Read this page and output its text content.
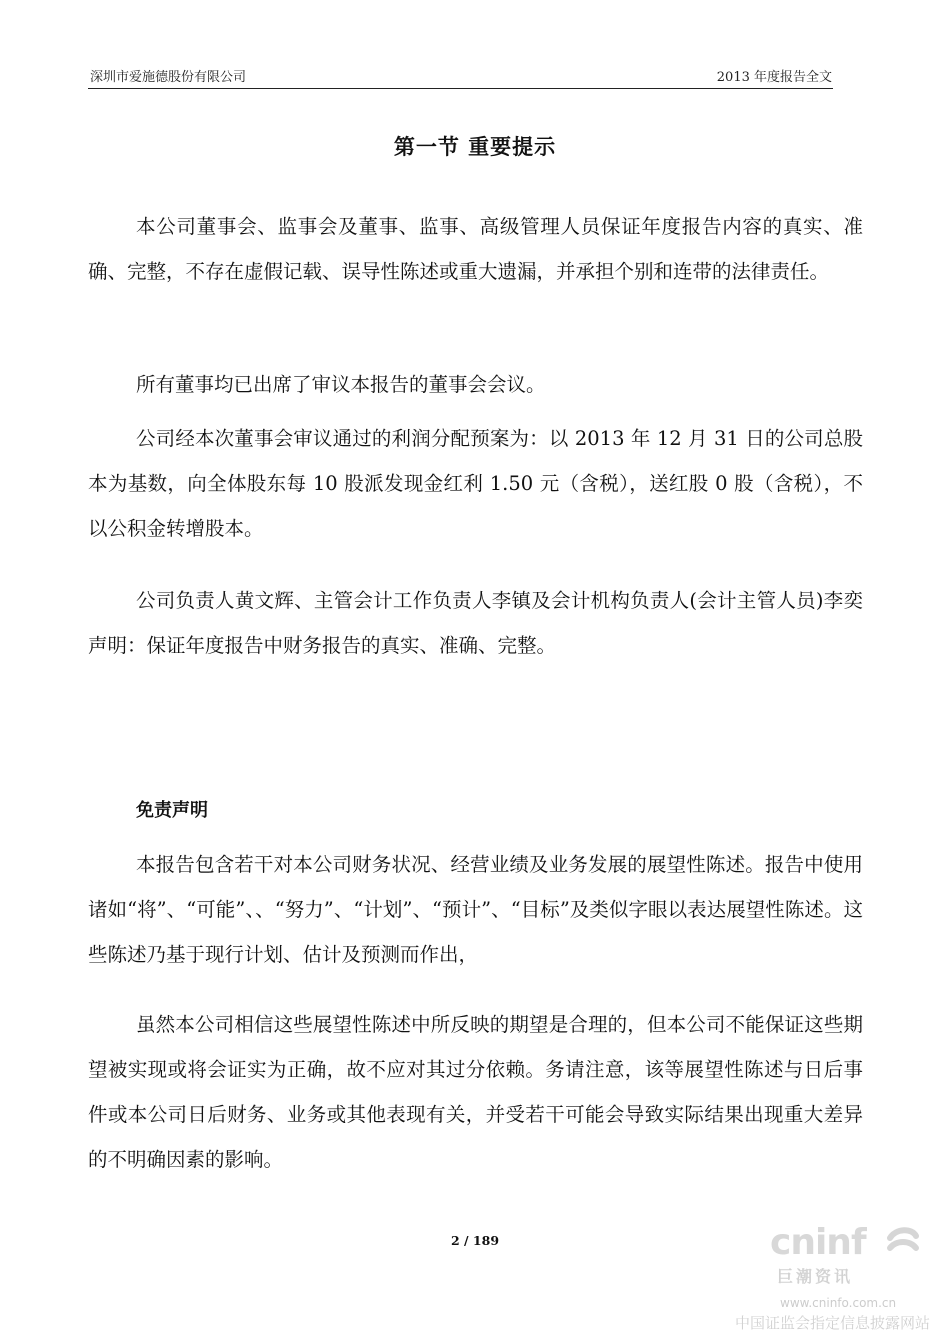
深圳市爱施德股份有限公司	2013 年度报告全文
第一节 重要提示

本公司董事会、监事会及董事、监事、高级管理人员保证年度报告内容的真实、准确、完整，不存在虚假记载、误导性陈述或重大遗漏，并承担个别和连带的法律责任。

所有董事均已出席了审议本报告的董事会会议。

公司经本次董事会审议通过的利润分配预案为：以 2013 年 12 月 31 日的公司总股本为基数，向全体股东每 10 股派发现金红利 1.50 元（含税），送红股 0 股（含税），不以公积金转增股本。

公司负责人黄文辉、主管会计工作负责人李镇及会计机构负责人(会计主管人员)李奕声明：保证年度报告中财务报告的真实、准确、完整。

免责声明

本报告包含若干对本公司财务状况、经营业绩及业务发展的展望性陈述。报告中使用诸如“将”、“可能”、、“努力”、“计划”、“预计”、“目标”及类似字眼以表达展望性陈述。这些陈述乃基于现行计划、估计及预测而作出，

虽然本公司相信这些展望性陈述中所反映的期望是合理的，但本公司不能保证这些期望被实现或将会证实为正确，故不应对其过分依赖。务请注意，该等展望性陈述与日后事件或本公司日后财务、业务或其他表现有关，并受若干可能会导致实际结果出现重大差异的不明确因素的影响。

2 / 189	cninf
巨潮资讯
www.cninfo.com.cn
中国证监会指定信息披露网站
